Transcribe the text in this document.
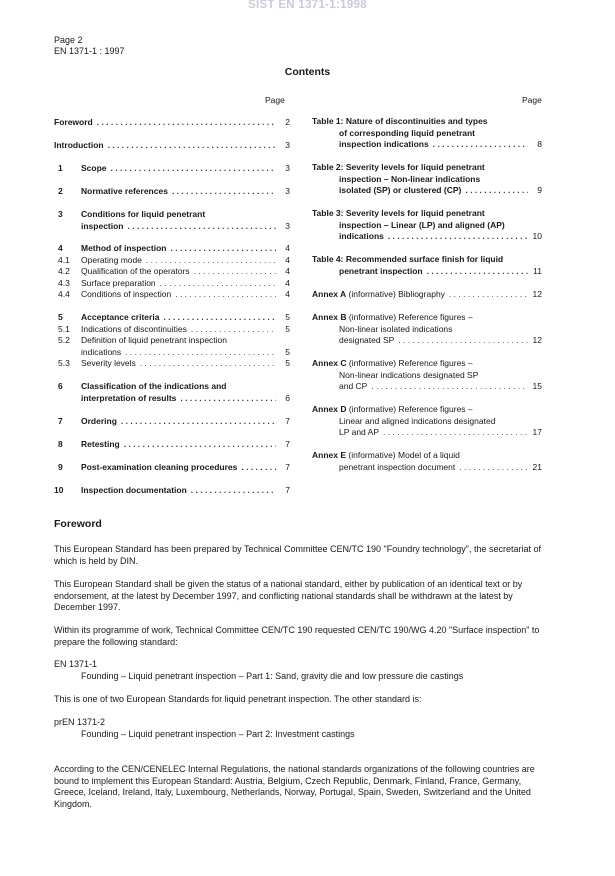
SIST EN 1371-1:1998
Page 2
EN 1371-1 : 1997
Contents
Page	Page
Foreword . . .	2
Introduction . . .	3
1 Scope . . .	3
2 Normative references . . .	3
3 Conditions for liquid penetrant
inspection . . .	3
4 Method of inspection . . .	4
4.1 Operating mode . . .	4
4.2 Qualification of the operators . . .	4
4.3 Surface preparation . . .	4
4.4 Conditions of inspection . . .	4
5 Acceptance criteria . . .	5
5.1 Indications of discontinuities . . .	5
5.2 Definition of liquid penetrant inspection
indications . . .	5
5.3 Severity levels . . .	5
6 Classification of the indications and
interpretation of results . . .	6
7 Ordering . . .	7
8 Retesting . . .	7
9 Post-examination cleaning procedures . . .	7
10 Inspection documentation . . .	7
Table 1: Nature of discontinuities and types
of corresponding liquid penetrant
inspection indications . . .	8
Table 2: Severity levels for liquid penetrant
inspection – Non-linear indications
isolated (SP) or clustered (CP) . . .	9
Table 3: Severity levels for liquid penetrant
inspection – Linear (LP) and aligned (AP)
indications . . .	10
Table 4: Recommended surface finish for liquid
penetrant inspection . . .	11
Annex A (informative) Bibliography . . .	12
Annex B (informative) Reference figures –
Non-linear isolated indications
designated SP . . .	12
Annex C (informative) Reference figures –
Non-linear indications designated SP
and CP . . .	15
Annex D (informative) Reference figures –
Linear and aligned indications designated
LP and AP . . .	17
Annex E (informative) Model of a liquid
penetrant inspection document . . .	21
Foreword
This European Standard has been prepared by Technical Committee CEN/TC 190 "Foundry technology", the secretariat of which is held by DIN.
This European Standard shall be given the status of a national standard, either by publication of an identical text or by endorsement, at the latest by December 1997, and conflicting national standards shall be withdrawn at the latest by December 1997.
Within its programme of work, Technical Committee CEN/TC 190 requested CEN/TC 190/WG 4.20 "Surface inspection" to prepare the following standard:
EN 1371-1
Founding – Liquid penetrant inspection – Part 1: Sand, gravity die and low pressure die castings
This is one of two European Standards for liquid penetrant inspection. The other standard is:
prEN 1371-2
Founding – Liquid penetrant inspection – Part 2: Investment castings
According to the CEN/CENELEC Internal Regulations, the national standards organizations of the following countries are bound to implement this European Standard: Austria, Belgium, Czech Republic, Denmark, Finland, France, Germany, Greece, Iceland, Ireland, Italy, Luxembourg, Netherlands, Norway, Portugal, Spain, Sweden, Switzerland and the United Kingdom.
